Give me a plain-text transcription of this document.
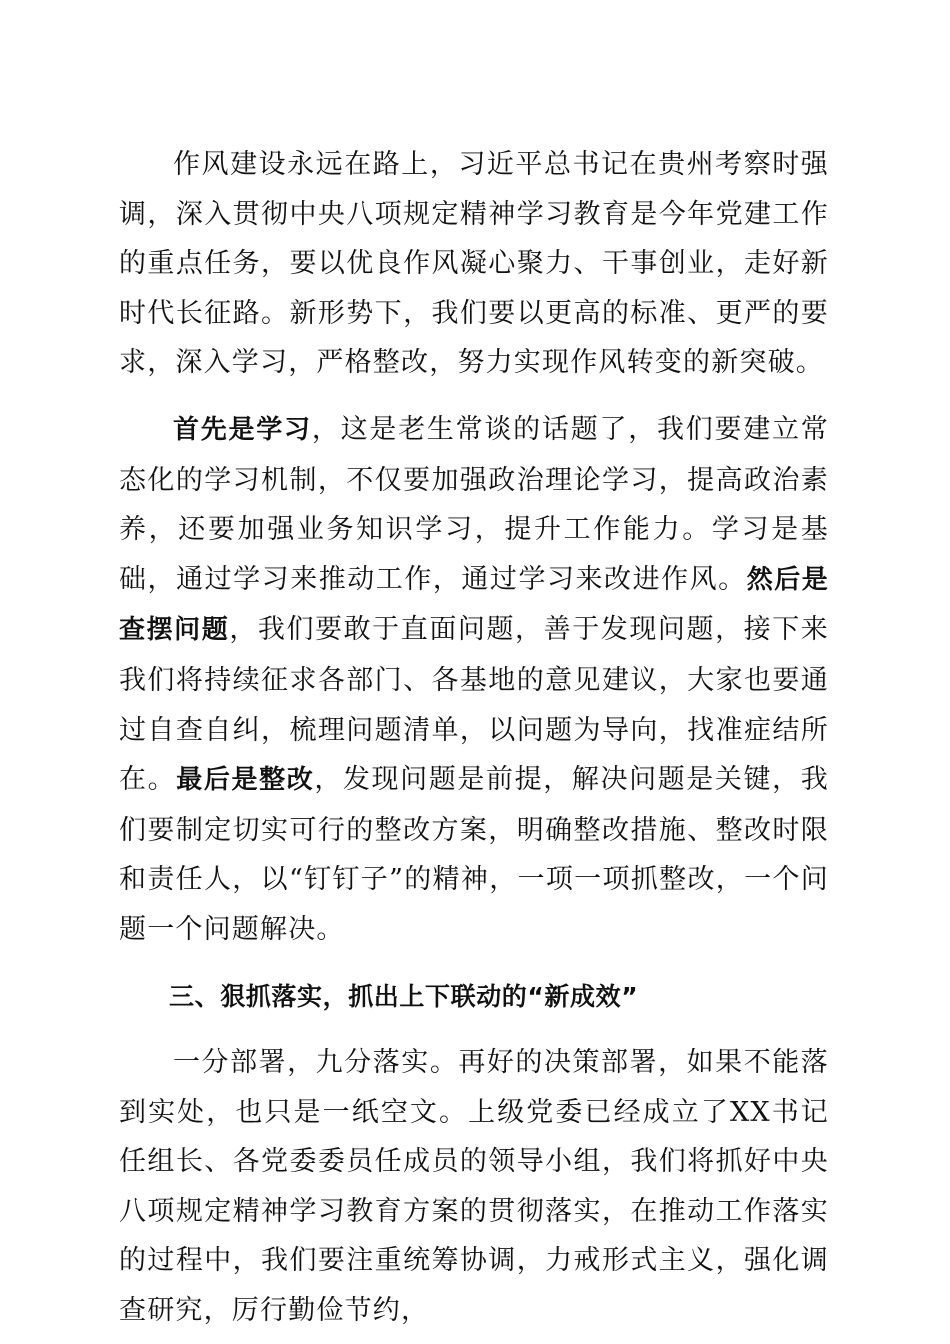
作风建设永远在路上，习近平总书记在贵州考察时强调，深入贯彻中央八项规定精神学习教育是今年党建工作的重点任务，要以优良作风凝心聚力、干事创业，走好新时代长征路。新形势下，我们要以更高的标准、更严的要求，深入学习，严格整改，努力实现作风转变的新突破。

首先是学习，这是老生常谈的话题了，我们要建立常态化的学习机制，不仅要加强政治理论学习，提高政治素养，还要加强业务知识学习，提升工作能力。学习是基础，通过学习来推动工作，通过学习来改进作风。然后是查摆问题，我们要敢于直面问题，善于发现问题，接下来我们将持续征求各部门、各基地的意见建议，大家也要通过自查自纠，梳理问题清单，以问题为导向，找准症结所在。最后是整改，发现问题是前提，解决问题是关键，我们要制定切实可行的整改方案，明确整改措施、整改时限和责任人，以“钉钉子”的精神，一项一项抓整改，一个问题一个问题解决。

三、狠抓落实，抓出上下联动的“新成效”

一分部署，九分落实。再好的决策部署，如果不能落到实处，也只是一纸空文。上级党委已经成立了XX书记任组长、各党委委员任成员的领导小组，我们将抓好中央八项规定精神学习教育方案的贯彻落实，在推动工作落实的过程中，我们要注重统筹协调，力戒形式主义，强化调查研究，厉行勤俭节约，
